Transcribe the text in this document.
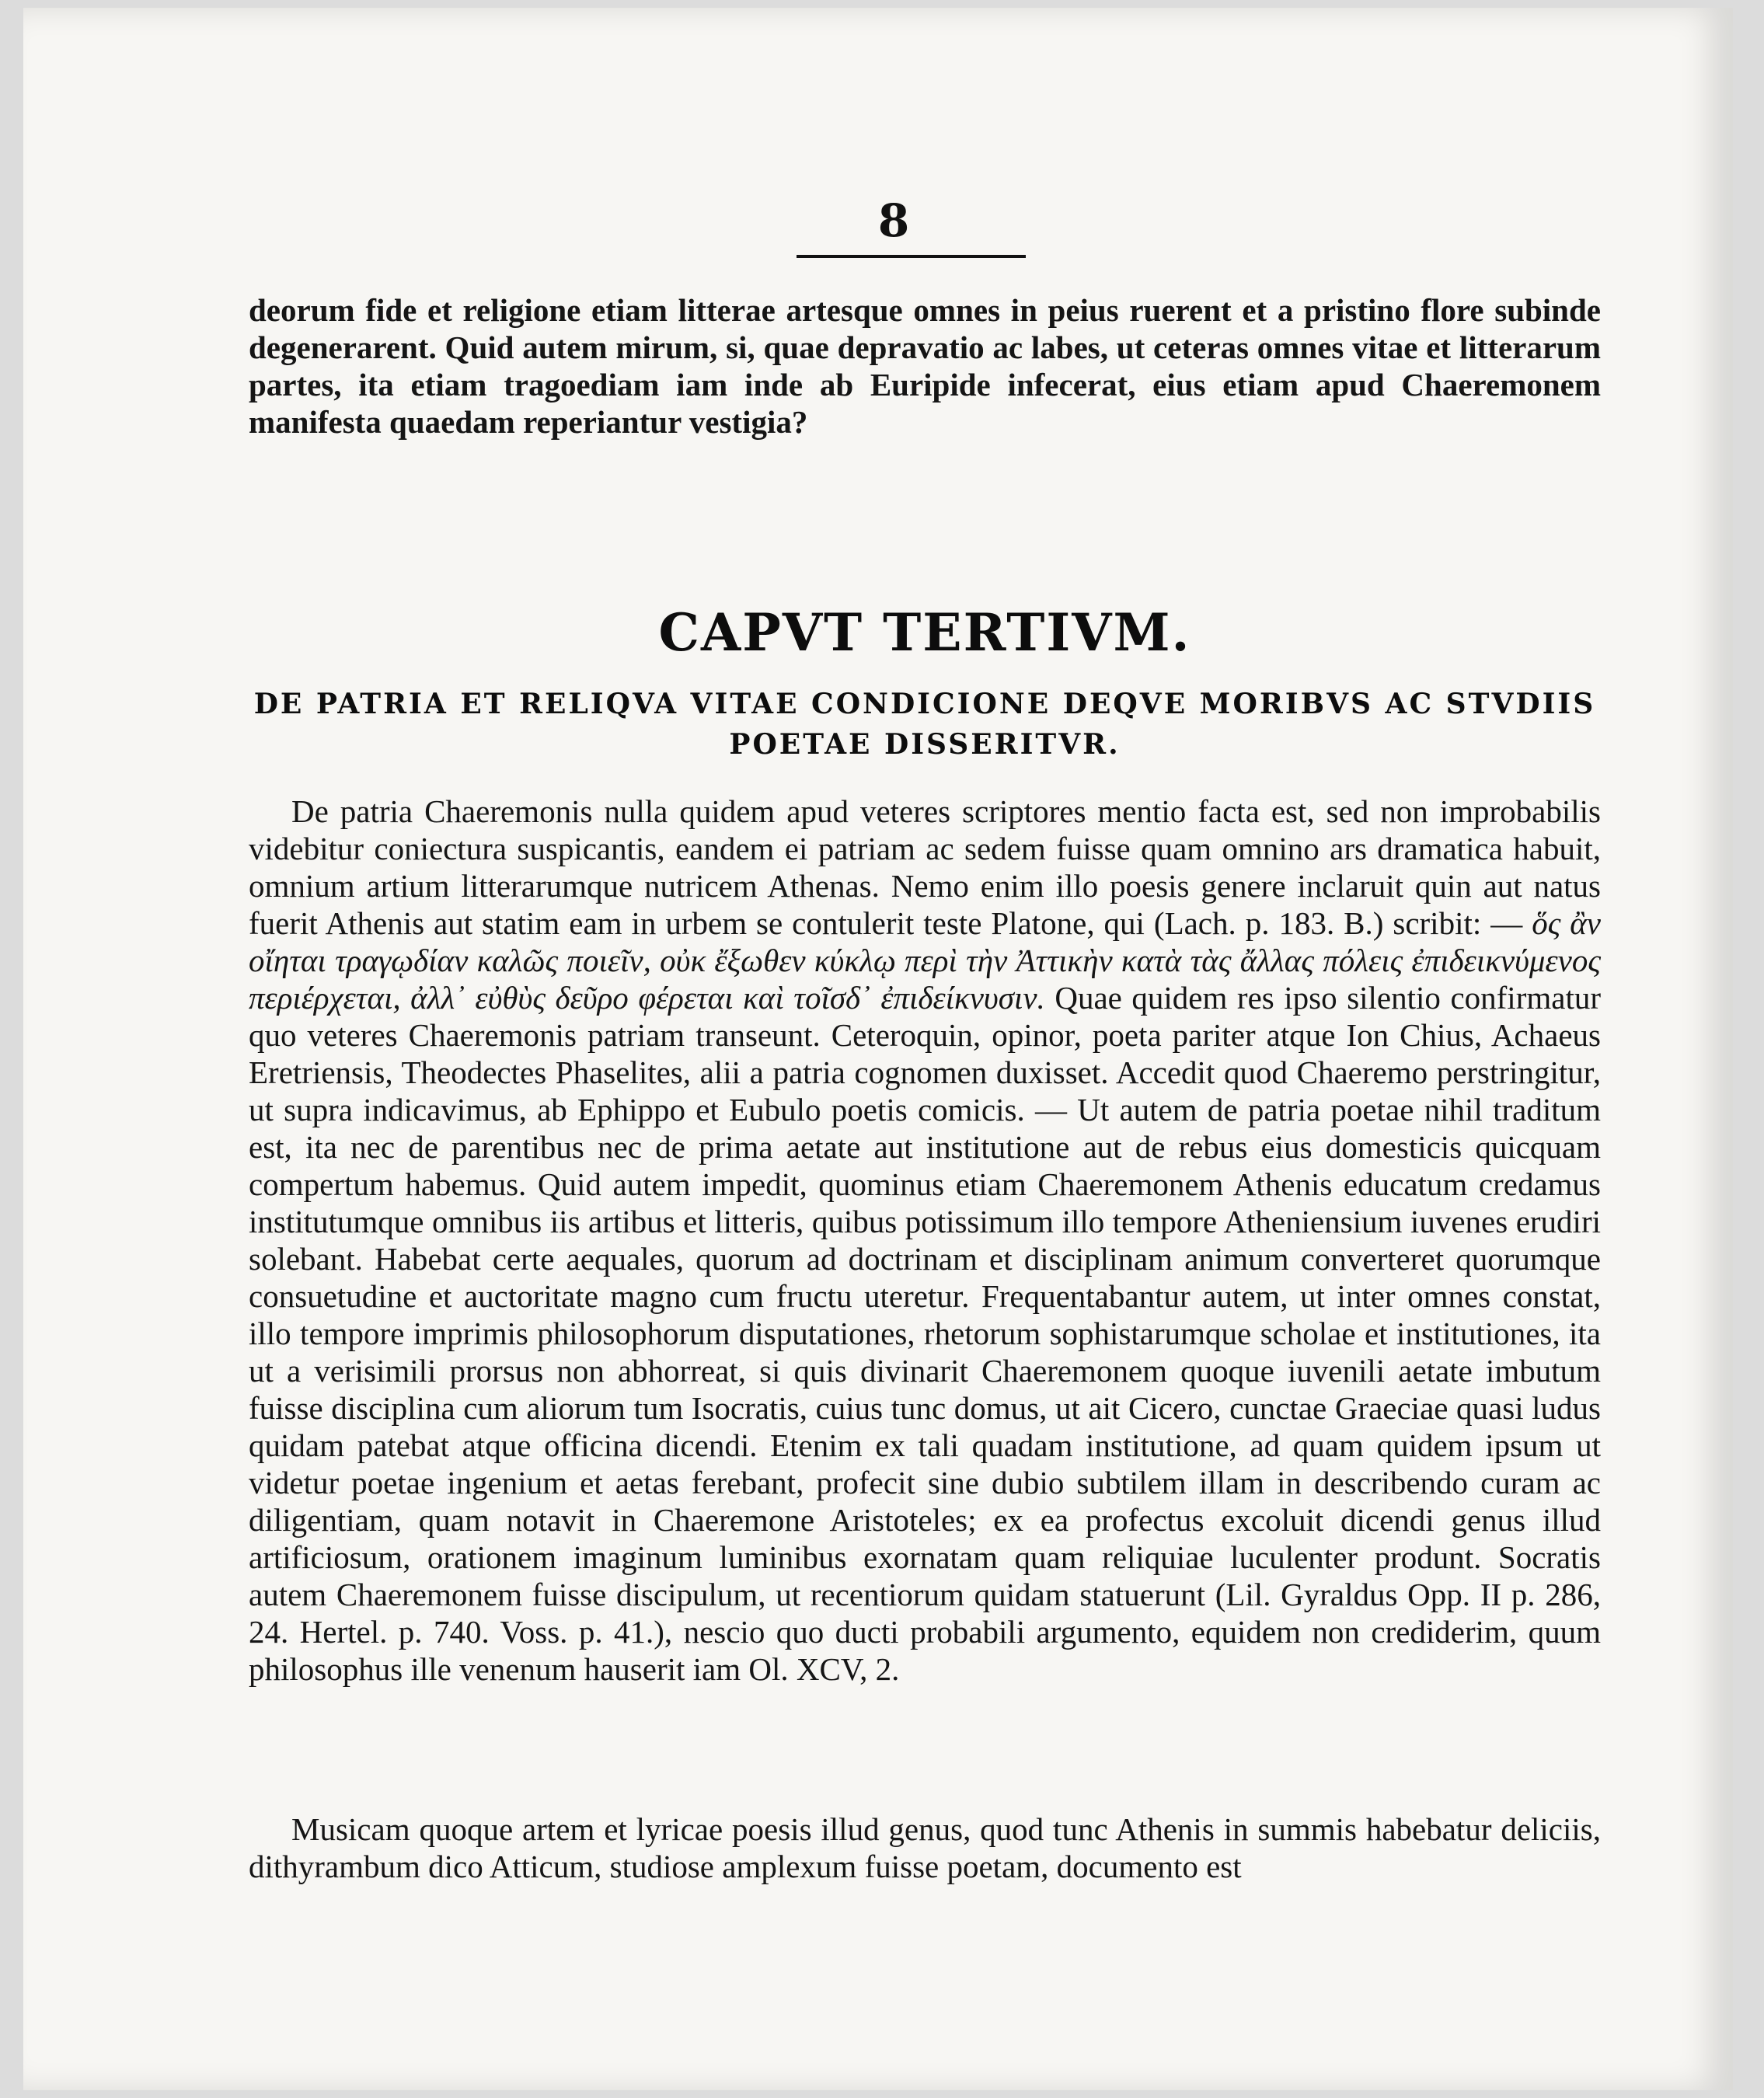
8
deorum fide et religione etiam litterae artesque omnes in peius ruerent et a pristino flore subinde degenerarent. Quid autem mirum, si, quae depravatio ac labes, ut ceteras omnes vitae et litterarum partes, ita etiam tragoediam iam inde ab Euripide infecerat, eius etiam apud Chaeremonem manifesta quaedam reperiantur vestigia?
CAPVT TERTIVM.
DE PATRIA ET RELIQVA VITAE CONDICIONE DEQVE MORIBVS AC STVDIIS POETAE DISSERITVR.
De patria Chaeremonis nulla quidem apud veteres scriptores mentio facta est, sed non improbabilis videbitur coniectura suspicantis, eandem ei patriam ac sedem fuisse quam omnino ars dramatica habuit, omnium artium litterarumque nutricem Athenas. Nemo enim illo poesis genere inclaruit quin aut natus fuerit Athenis aut statim eam in urbem se contulerit teste Platone, qui (Lach. p. 183. B.) scribit: — ὅς ἂν οἴηται τραγῳδίαν καλῶς ποιεῖν, οὐκ ἔξωθεν κύκλῳ περὶ τὴν Ἀττικὴν κατὰ τὰς ἄλλας πόλεις ἐπιδεικνύμενος περιέρχεται, ἀλλ᾿ εὐθὺς δεῦρο φέρεται καὶ τοῖσδ᾿ ἐπιδείκνυσιν. Quae quidem res ipso silentio confirmatur quo veteres Chaeremonis patriam transeunt. Ceteroquin, opinor, poeta pariter atque Ion Chius, Achaeus Eretriensis, Theodectes Phaselites, alii a patria cognomen duxisset. Accedit quod Chaeremo perstringitur, ut supra indicavimus, ab Ephippo et Eubulo poetis comicis. — Ut autem de patria poetae nihil traditum est, ita nec de parentibus nec de prima aetate aut institutione aut de rebus eius domesticis quicquam compertum habemus. Quid autem impedit, quominus etiam Chaeremonem Athenis educatum credamus institutumque omnibus iis artibus et litteris, quibus potissimum illo tempore Atheniensium iuvenes erudiri solebant. Habebat certe aequales, quorum ad doctrinam et disciplinam animum converteret quorumque consuetudine et auctoritate magno cum fructu uteretur. Frequentabantur autem, ut inter omnes constat, illo tempore imprimis philosophorum disputationes, rhetorum sophistarumque scholae et institutiones, ita ut a verisimili prorsus non abhorreat, si quis divinarit Chaeremonem quoque iuvenili aetate imbutum fuisse disciplina cum aliorum tum Isocratis, cuius tunc domus, ut ait Cicero, cunctae Graeciae quasi ludus quidam patebat atque officina dicendi. Etenim ex tali quadam institutione, ad quam quidem ipsum ut videtur poetae ingenium et aetas ferebant, profecit sine dubio subtilem illam in describendo curam ac diligentiam, quam notavit in Chaeremone Aristoteles; ex ea profectus excoluit dicendi genus illud artificiosum, orationem imaginum luminibus exornatam quam reliquiae luculenter produnt. Socratis autem Chaeremonem fuisse discipulum, ut recentiorum quidam statuerunt (Lil. Gyraldus Opp. II p. 286, 24. Hertel. p. 740. Voss. p. 41.), nescio quo ducti probabili argumento, equidem non crediderim, quum philosophus ille venenum hauserit iam Ol. XCV, 2.
Musicam quoque artem et lyricae poesis illud genus, quod tunc Athenis in summis habebatur deliciis, dithyrambum dico Atticum, studiose amplexum fuisse poetam, documento est
